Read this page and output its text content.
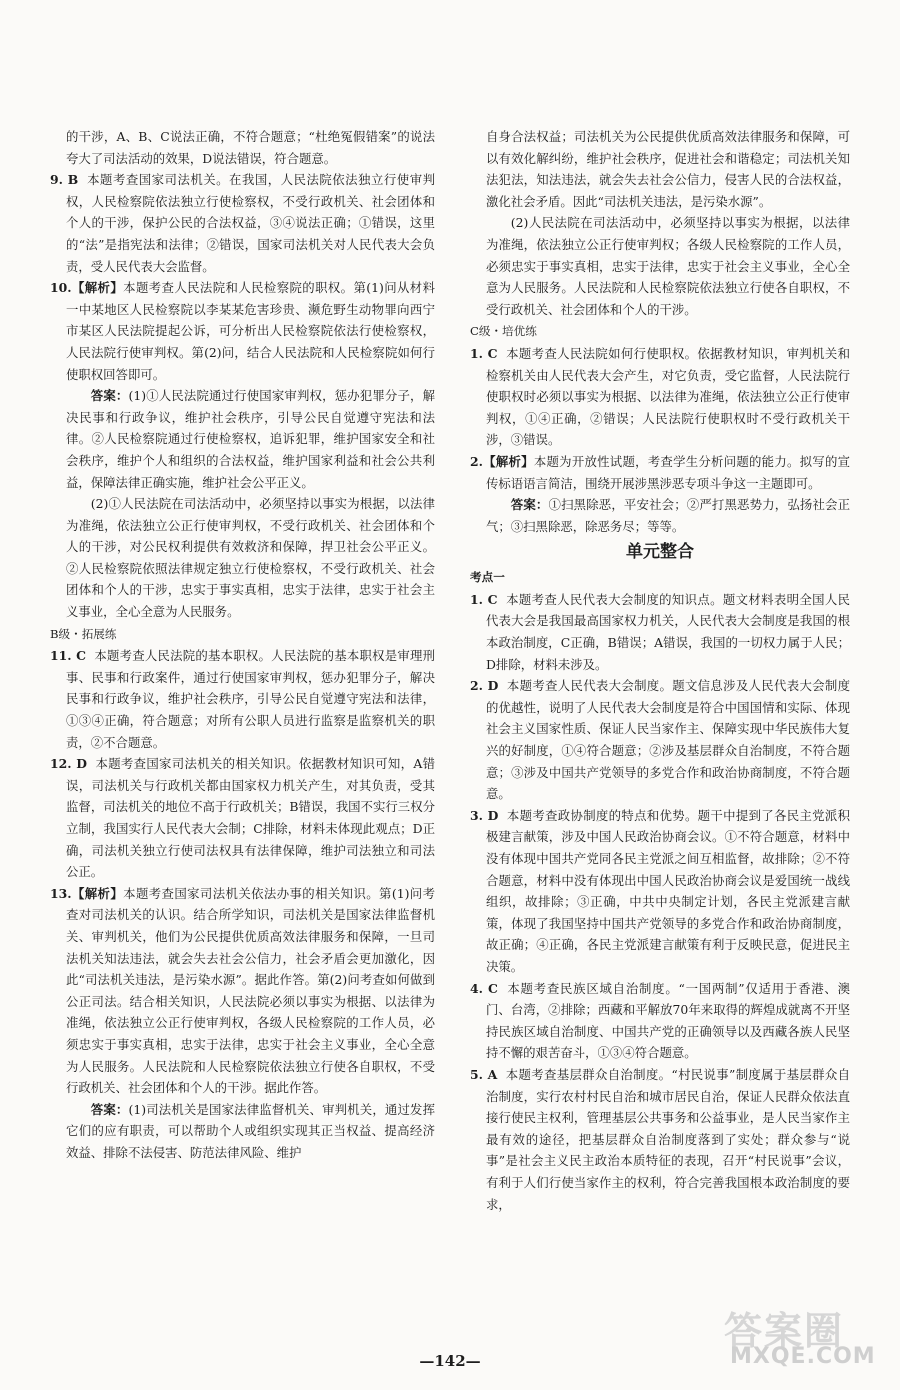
的干涉，A、B、C说法正确，不符合题意；“杜绝冤假错案”的说法夸大了司法活动的效果，D说法错误，符合题意。

9. B 本题考查国家司法机关。在我国，人民法院依法独立行使审判权，人民检察院依法独立行使检察权，不受行政机关、社会团体和个人的干涉，保护公民的合法权益，③④说法正确；①错误，这里的“法”是指宪法和法律；②错误，国家司法机关对人民代表大会负责，受人民代表大会监督。

10.【解析】本题考查人民法院和人民检察院的职权。第(1)问从材料一中某地区人民检察院以李某某危害珍贵、濒危野生动物罪向西宁市某区人民法院提起公诉，可分析出人民检察院依法行使检察权，人民法院行使审判权。第(2)问，结合人民法院和人民检察院如何行使职权回答即可。

答案：(1)①人民法院通过行使国家审判权，惩办犯罪分子，解决民事和行政争议，维护社会秩序，引导公民自觉遵守宪法和法律。②人民检察院通过行使检察权，追诉犯罪，维护国家安全和社会秩序，维护个人和组织的合法权益，维护国家利益和社会公共利益，保障法律正确实施，维护社会公平正义。

(2)①人民法院在司法活动中，必须坚持以事实为根据，以法律为准绳，依法独立公正行使审判权，不受行政机关、社会团体和个人的干涉，对公民权利提供有效救济和保障，捍卫社会公平正义。②人民检察院依照法律规定独立行使检察权，不受行政机关、社会团体和个人的干涉，忠实于事实真相，忠实于法律，忠实于社会主义事业，全心全意为人民服务。

B级・拓展练

11. C 本题考查人民法院的基本职权。人民法院的基本职权是审理刑事、民事和行政案件，通过行使国家审判权，惩办犯罪分子，解决民事和行政争议，维护社会秩序，引导公民自觉遵守宪法和法律，①③④正确，符合题意；对所有公职人员进行监察是监察机关的职责，②不合题意。

12. D 本题考查国家司法机关的相关知识。依据教材知识可知，A错误，司法机关与行政机关都由国家权力机关产生，对其负责，受其监督，司法机关的地位不高于行政机关；B错误，我国不实行三权分立制，我国实行人民代表大会制；C排除，材料未体现此观点；D正确，司法机关独立行使司法权具有法律保障，维护司法独立和司法公正。

13.【解析】本题考查国家司法机关依法办事的相关知识。第(1)问考查对司法机关的认识。结合所学知识，司法机关是国家法律监督机关、审判机关，他们为公民提供优质高效法律服务和保障，一旦司法机关知法违法，就会失去社会公信力，社会矛盾会更加激化，因此“司法机关违法，是污染水源”。据此作答。第(2)问考查如何做到公正司法。结合相关知识，人民法院必须以事实为根据、以法律为准绳，依法独立公正行使审判权，各级人民检察院的工作人员，必须忠实于事实真相，忠实于法律，忠实于社会主义事业，全心全意为人民服务。人民法院和人民检察院依法独立行使各自职权，不受行政机关、社会团体和个人的干涉。据此作答。

答案：(1)司法机关是国家法律监督机关、审判机关，通过发挥它们的应有职责，可以帮助个人或组织实现其正当权益、提高经济效益、排除不法侵害、防范法律风险、维护

自身合法权益；司法机关为公民提供优质高效法律服务和保障，可以有效化解纠纷，维护社会秩序，促进社会和谐稳定；司法机关知法犯法，知法违法，就会失去社会公信力，侵害人民的合法权益，激化社会矛盾。因此“司法机关违法，是污染水源”。

(2)人民法院在司法活动中，必须坚持以事实为根据，以法律为准绳，依法独立公正行使审判权；各级人民检察院的工作人员，必须忠实于事实真相，忠实于法律，忠实于社会主义事业，全心全意为人民服务。人民法院和人民检察院依法独立行使各自职权，不受行政机关、社会团体和个人的干涉。

C级・培优练

1. C 本题考查人民法院如何行使职权。依据教材知识，审判机关和检察机关由人民代表大会产生，对它负责，受它监督，人民法院行使职权时必须以事实为根据、以法律为准绳，依法独立公正行使审判权，①④正确，②错误；人民法院行使职权时不受行政机关干涉，③错误。

2.【解析】本题为开放性试题，考查学生分析问题的能力。拟写的宣传标语语言简洁，围绕开展涉黑涉恶专项斗争这一主题即可。

答案：①扫黑除恶，平安社会；②严打黑恶势力，弘扬社会正气；③扫黑除恶，除恶务尽；等等。

单元整合

考点一

1. C 本题考查人民代表大会制度的知识点。题文材料表明全国人民代表大会是我国最高国家权力机关，人民代表大会制度是我国的根本政治制度，C正确，B错误；A错误，我国的一切权力属于人民；D排除，材料未涉及。

2. D 本题考查人民代表大会制度。题文信息涉及人民代表大会制度的优越性，说明了人民代表大会制度是符合中国国情和实际、体现社会主义国家性质、保证人民当家作主、保障实现中华民族伟大复兴的好制度，①④符合题意；②涉及基层群众自治制度，不符合题意；③涉及中国共产党领导的多党合作和政治协商制度，不符合题意。

3. D 本题考查政协制度的特点和优势。题干中提到了各民主党派积极建言献策，涉及中国人民政治协商会议。①不符合题意，材料中没有体现中国共产党同各民主党派之间互相监督，故排除；②不符合题意，材料中没有体现出中国人民政治协商会议是爱国统一战线组织，故排除；③正确，中共中央制定计划，各民主党派建言献策，体现了我国坚持中国共产党领导的多党合作和政治协商制度，故正确；④正确，各民主党派建言献策有利于反映民意，促进民主决策。

4. C 本题考查民族区域自治制度。“一国两制”仅适用于香港、澳门、台湾，②排除；西藏和平解放70年来取得的辉煌成就离不开坚持民族区域自治制度、中国共产党的正确领导以及西藏各族人民坚持不懈的艰苦奋斗，①③④符合题意。

5. A 本题考查基层群众自治制度。“村民说事”制度属于基层群众自治制度，实行农村村民自治和城市居民自治，保证人民群众依法直接行使民主权利，管理基层公共事务和公益事业，是人民当家作主最有效的途径，把基层群众自治制度落到了实处；群众参与“说事”是社会主义民主政治本质特征的表现，召开“村民说事”会议，有利于人们行使当家作主的权利，符合完善我国根本政治制度的要求，

—142—
答案圈
MXQE.COM
